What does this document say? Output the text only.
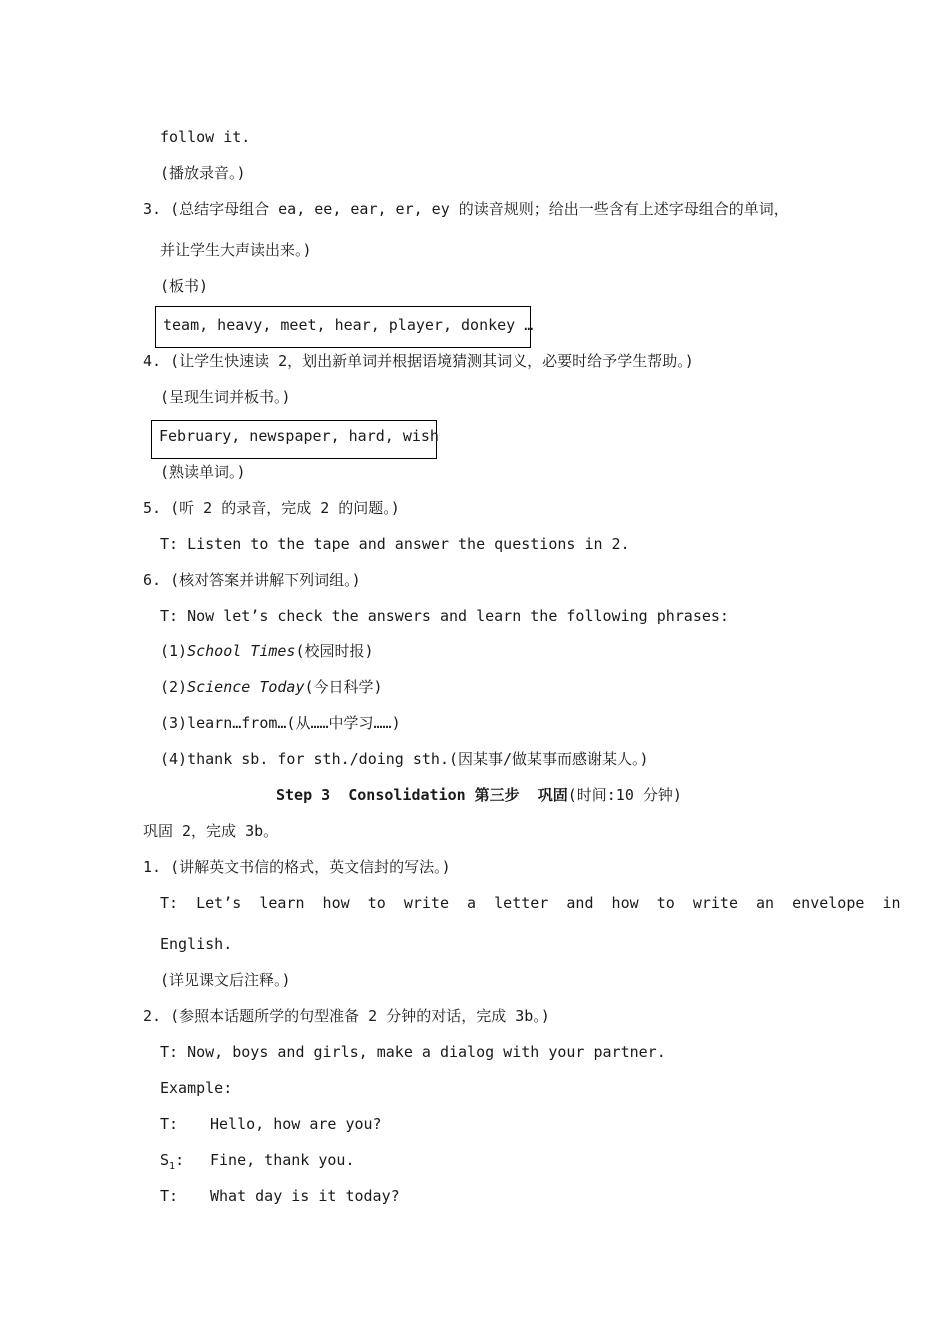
follow it.
(播放录音。)
3. (总结字母组合 ea, ee, ear, er, ey 的读音规则；给出一些含有上述字母组合的单词，
并让学生大声读出来。)
(板书)
team, heavy, meet, hear, player, donkey …
4. (让学生快速读 2，划出新单词并根据语境猜测其词义，必要时给予学生帮助。)
(呈现生词并板书。)
February, newspaper, hard, wish
(熟读单词。)
5. (听 2 的录音，完成 2 的问题。)
T: Listen to the tape and answer the questions in 2.
6. (核对答案并讲解下列词组。)
T: Now let’s check the answers and learn the following phrases:
(1)School Times(校园时报)
(2)Science Today(今日科学)
(3)learn…from…(从……中学习……)
(4)thank sb. for sth./doing sth.(因某事/做某事而感谢某人。)
Step 3  Consolidation 第三步  巩固(时间:10 分钟)
巩固 2，完成 3b。
1. (讲解英文书信的格式，英文信封的写法。)
T:  Let’s  learn  how  to  write  a  letter  and  how  to  write  an  envelope  in
English.
(详见课文后注释。)
2. (参照本话题所学的句型准备 2 分钟的对话，完成 3b。)
T: Now, boys and girls, make a dialog with your partner.
Example:
T: Hello, how are you?
$S_1$: Fine, thank you.
T: What day is it today?
